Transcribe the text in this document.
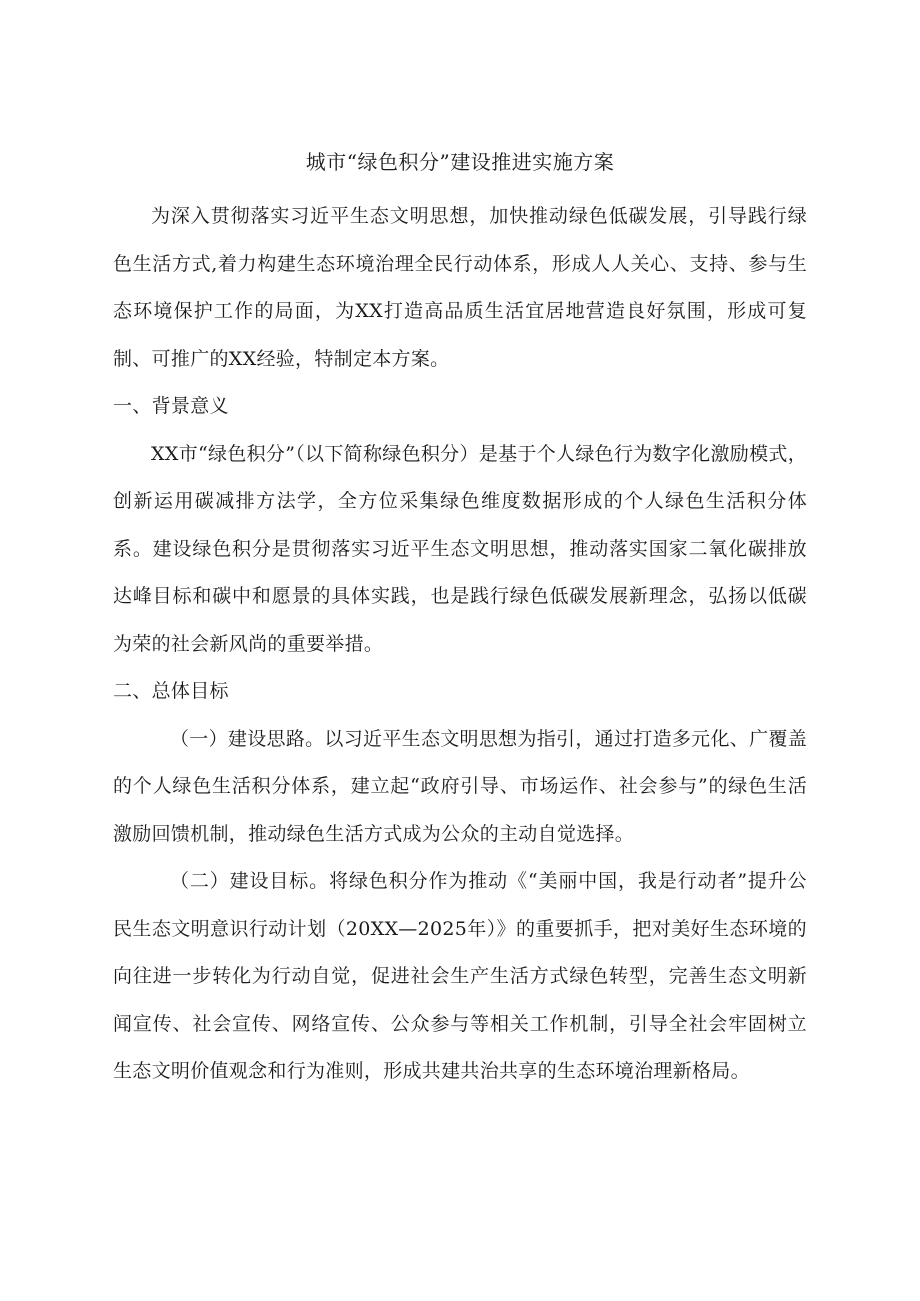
城市“绿色积分”建设推进实施方案

为深入贯彻落实习近平生态文明思想，加快推动绿色低碳发展，引导践行绿色生活方式,着力构建生态环境治理全民行动体系，形成人人关心、支持、参与生态环境保护工作的局面，为XX打造高品质生活宜居地营造良好氛围，形成可复制、可推广的XX经验，特制定本方案。

一、背景意义

XX市“绿色积分”（以下简称绿色积分）是基于个人绿色行为数字化激励模式，创新运用碳减排方法学，全方位采集绿色维度数据形成的个人绿色生活积分体系。建设绿色积分是贯彻落实习近平生态文明思想，推动落实国家二氧化碳排放达峰目标和碳中和愿景的具体实践，也是践行绿色低碳发展新理念，弘扬以低碳为荣的社会新风尚的重要举措。

二、总体目标

（一）建设思路。以习近平生态文明思想为指引，通过打造多元化、广覆盖的个人绿色生活积分体系，建立起“政府引导、市场运作、社会参与”的绿色生活激励回馈机制，推动绿色生活方式成为公众的主动自觉选择。

（二）建设目标。将绿色积分作为推动《“美丽中国，我是行动者”提升公民生态文明意识行动计划（20XX—2025年）》的重要抓手，把对美好生态环境的向往进一步转化为行动自觉，促进社会生产生活方式绿色转型，完善生态文明新闻宣传、社会宣传、网络宣传、公众参与等相关工作机制，引导全社会牢固树立生态文明价值观念和行为准则，形成共建共治共享的生态环境治理新格局。
